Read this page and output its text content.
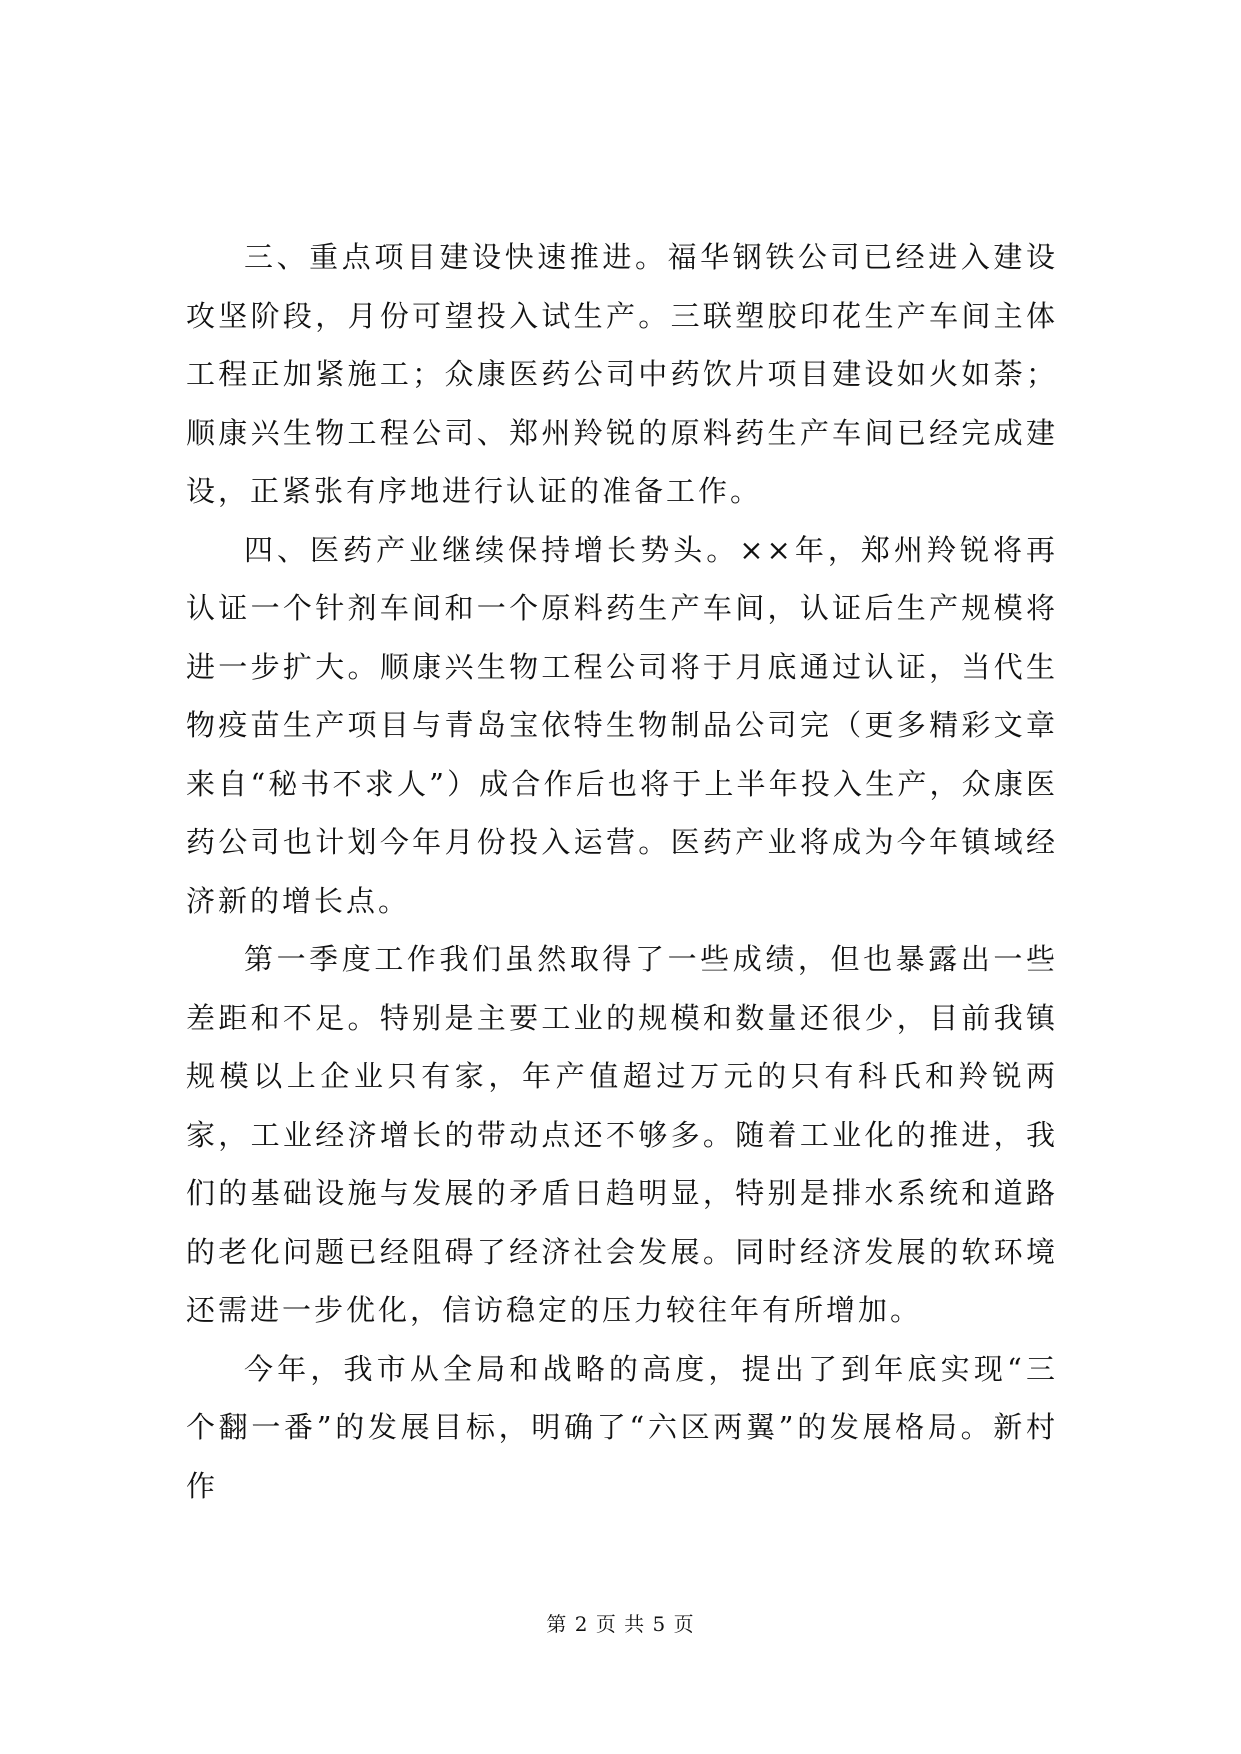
三、重点项目建设快速推进。福华钢铁公司已经进入建设攻坚阶段，月份可望投入试生产。三联塑胶印花生产车间主体工程正加紧施工；众康医药公司中药饮片项目建设如火如荼；顺康兴生物工程公司、郑州羚锐的原料药生产车间已经完成建设，正紧张有序地进行认证的准备工作。

四、医药产业继续保持增长势头。××年，郑州羚锐将再认证一个针剂车间和一个原料药生产车间，认证后生产规模将进一步扩大。顺康兴生物工程公司将于月底通过认证，当代生物疫苗生产项目与青岛宝依特生物制品公司完（更多精彩文章来自“秘书不求人”）成合作后也将于上半年投入生产，众康医药公司也计划今年月份投入运营。医药产业将成为今年镇域经济新的增长点。

第一季度工作我们虽然取得了一些成绩，但也暴露出一些差距和不足。特别是主要工业的规模和数量还很少，目前我镇规模以上企业只有家，年产值超过万元的只有科氏和羚锐两家，工业经济增长的带动点还不够多。随着工业化的推进，我们的基础设施与发展的矛盾日趋明显，特别是排水系统和道路的老化问题已经阻碍了经济社会发展。同时经济发展的软环境还需进一步优化，信访稳定的压力较往年有所增加。

今年，我市从全局和战略的高度，提出了到年底实现“三个翻一番”的发展目标，明确了“六区两翼”的发展格局。新村作

第 2 页 共 5 页
